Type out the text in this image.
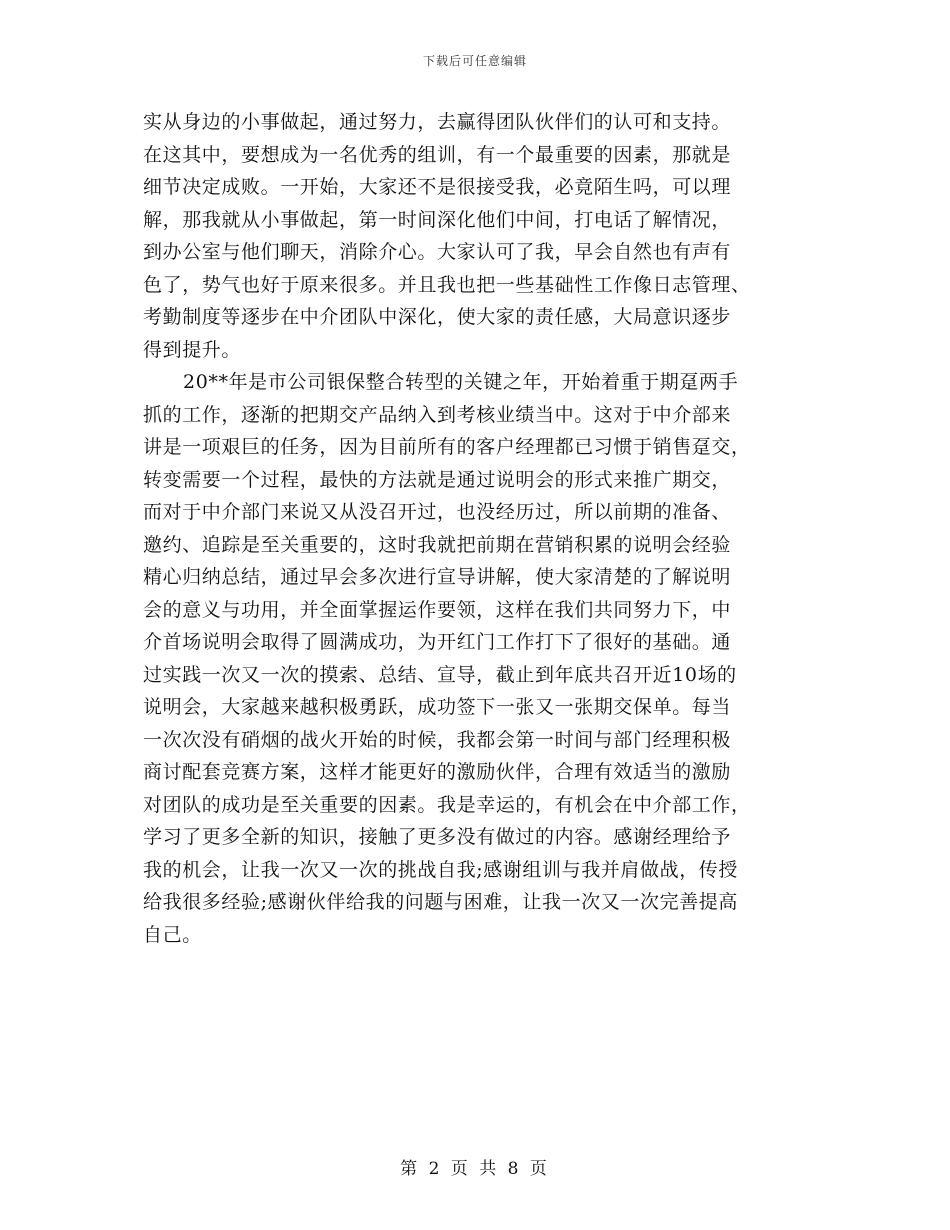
下载后可任意编辑
实从身边的小事做起，通过努力，去赢得团队伙伴们的认可和支持。
在这其中，要想成为一名优秀的组训，有一个最重要的因素，那就是
细节决定成败。一开始，大家还不是很接受我，必竟陌生吗，可以理
解，那我就从小事做起，第一时间深化他们中间，打电话了解情况，
到办公室与他们聊天，消除介心。大家认可了我，早会自然也有声有
色了，势气也好于原来很多。并且我也把一些基础性工作像日志管理、
考勤制度等逐步在中介团队中深化，使大家的责任感，大局意识逐步
得到提升。
20**年是市公司银保整合转型的关键之年，开始着重于期趸两手
抓的工作，逐渐的把期交产品纳入到考核业绩当中。这对于中介部来
讲是一项艰巨的任务，因为目前所有的客户经理都已习惯于销售趸交，
转变需要一个过程，最快的方法就是通过说明会的形式来推广期交，
而对于中介部门来说又从没召开过，也没经历过，所以前期的准备、
邀约、追踪是至关重要的，这时我就把前期在营销积累的说明会经验
精心归纳总结，通过早会多次进行宣导讲解，使大家清楚的了解说明
会的意义与功用，并全面掌握运作要领，这样在我们共同努力下，中
介首场说明会取得了圆满成功，为开红门工作打下了很好的基础。通
过实践一次又一次的摸索、总结、宣导，截止到年底共召开近10场的
说明会，大家越来越积极勇跃，成功签下一张又一张期交保单。每当
一次次没有硝烟的战火开始的时候，我都会第一时间与部门经理积极
商讨配套竞赛方案，这样才能更好的激励伙伴，合理有效适当的激励
对团队的成功是至关重要的因素。我是幸运的，有机会在中介部工作，
学习了更多全新的知识，接触了更多没有做过的内容。感谢经理给予
我的机会，让我一次又一次的挑战自我;感谢组训与我并肩做战，传授
给我很多经验;感谢伙伴给我的问题与困难，让我一次又一次完善提高
自己。
第 2 页 共 8 页
